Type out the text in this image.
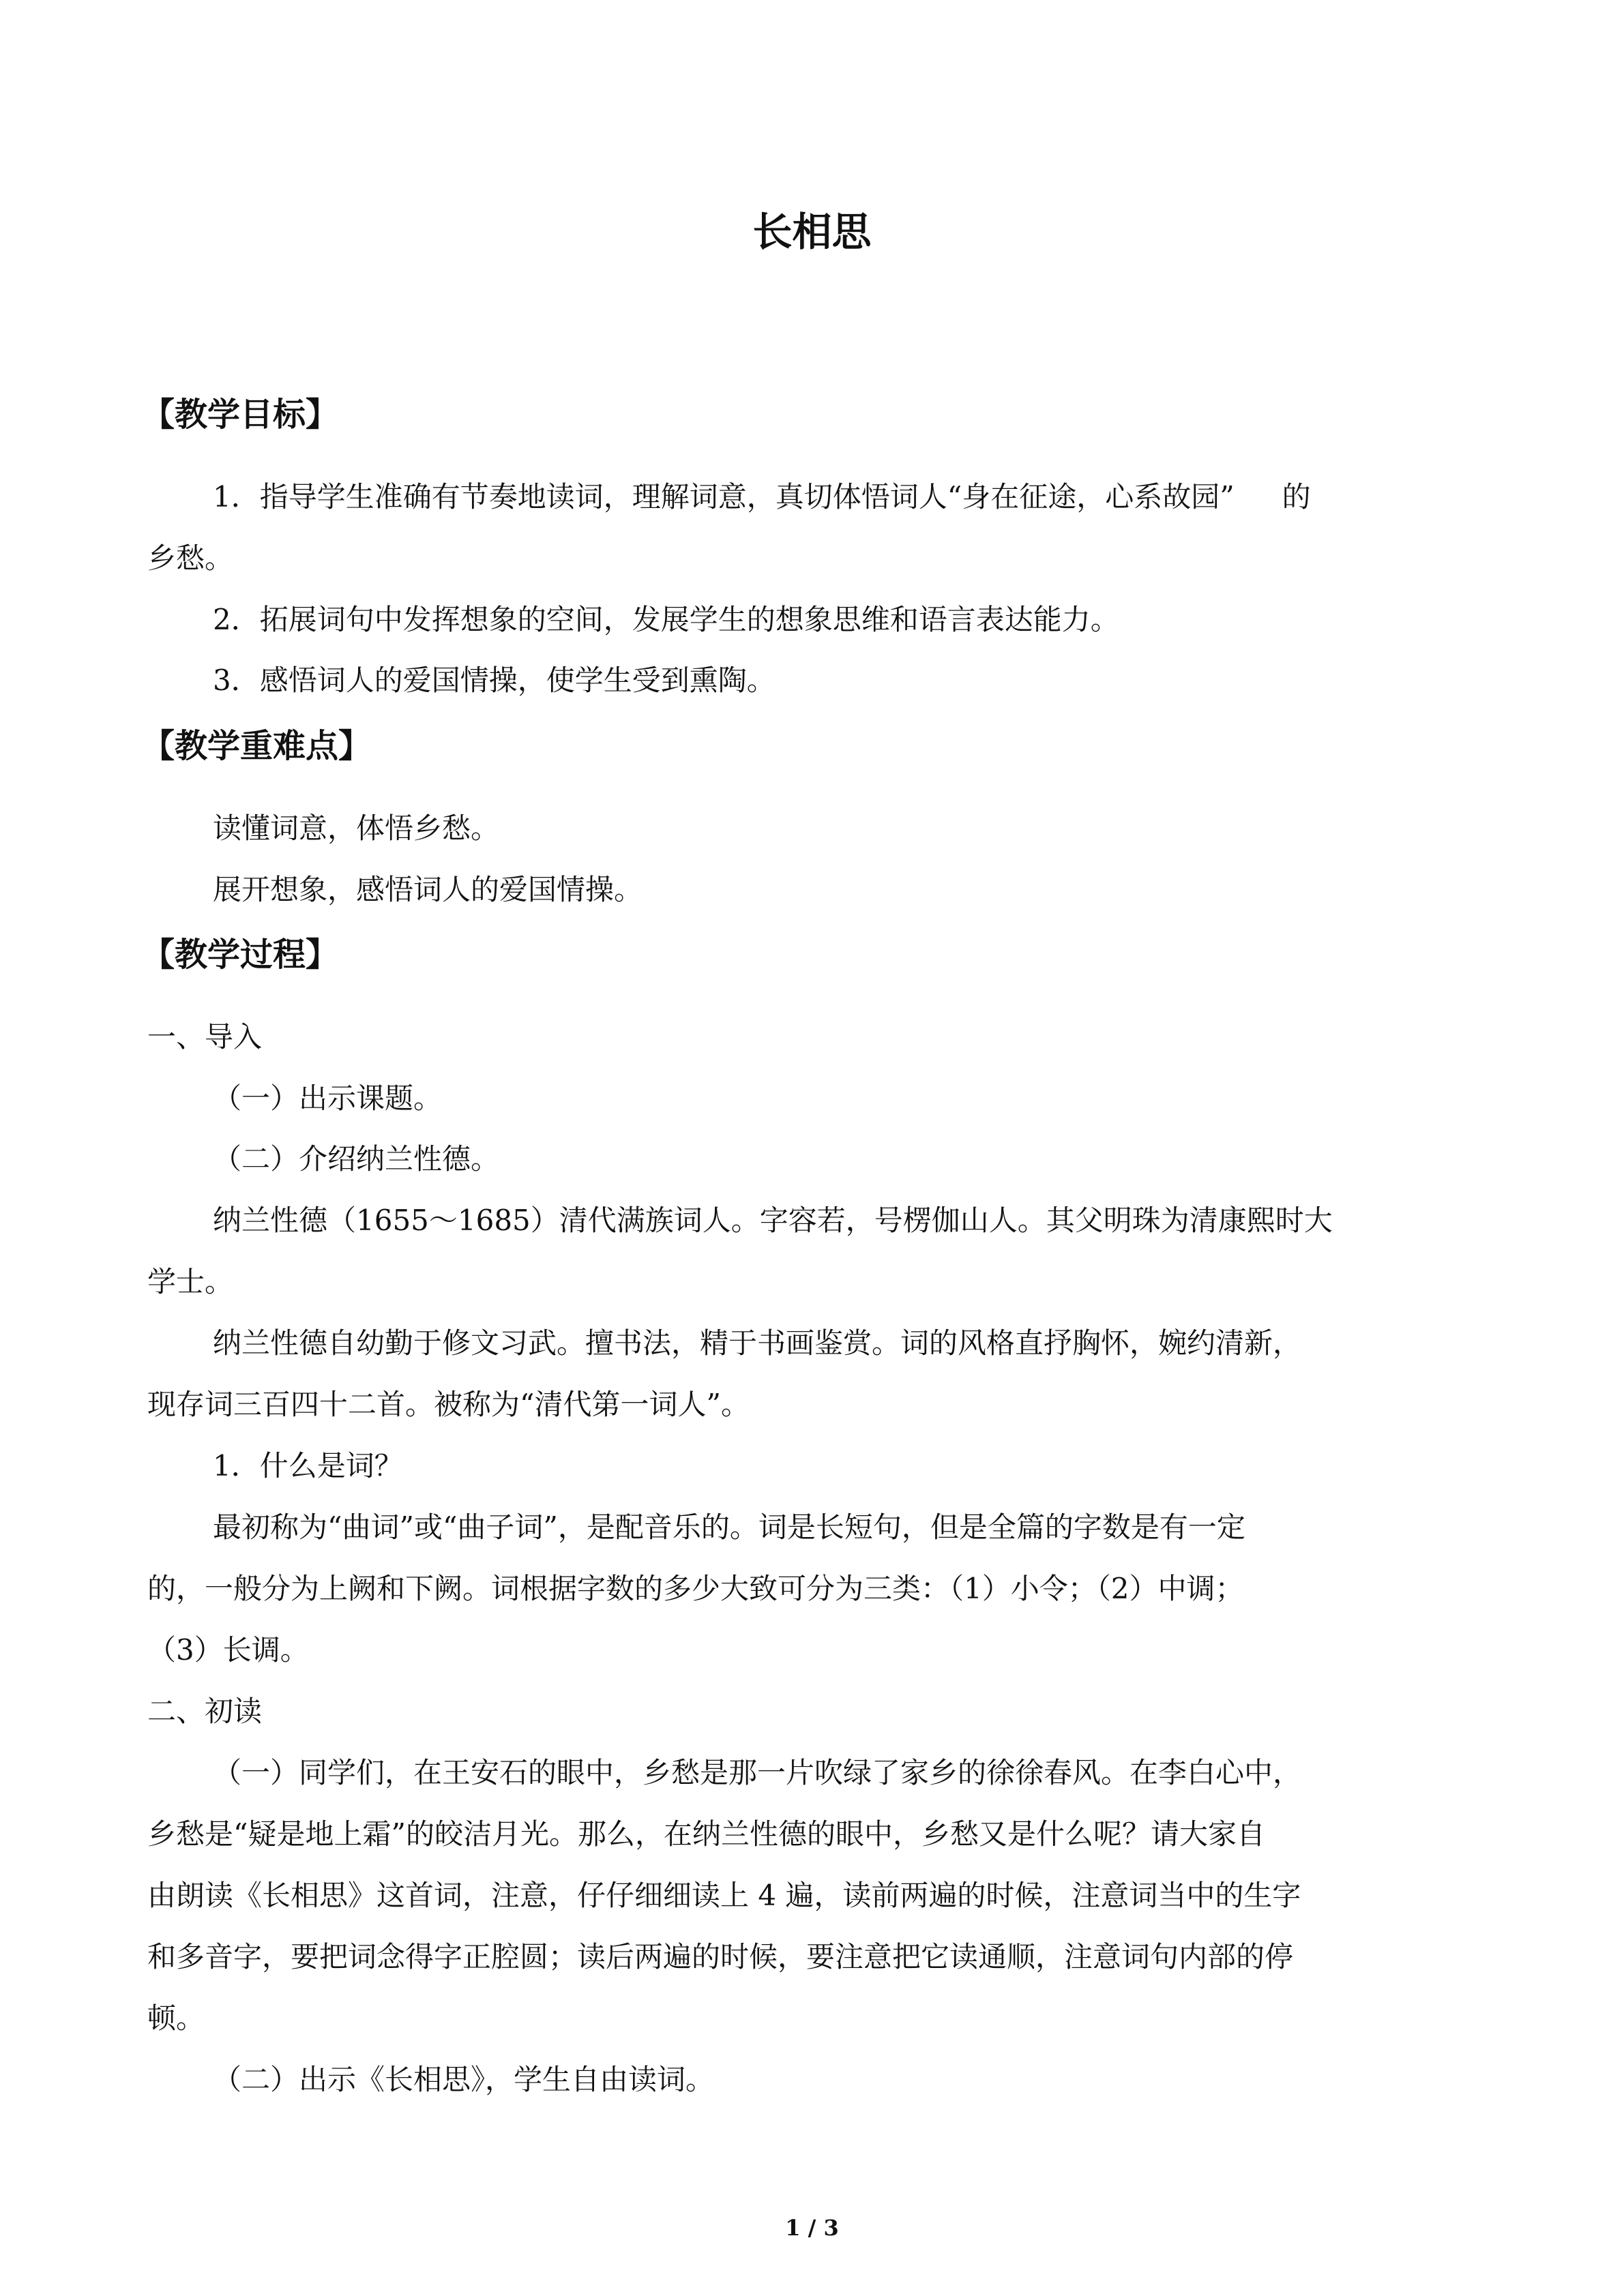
长相思
【教学目标】
1．指导学生准确有节奏地读词，理解词意，真切体悟词人“身在征途，心系故园” 的
乡愁。
2．拓展词句中发挥想象的空间，发展学生的想象思维和语言表达能力。
3．感悟词人的爱国情操，使学生受到熏陶。
【教学重难点】
读懂词意，体悟乡愁。
展开想象，感悟词人的爱国情操。
【教学过程】
一、导入
（一）出示课题。
（二）介绍纳兰性德。
纳兰性德（1655～1685）清代满族词人。字容若，号楞伽山人。其父明珠为清康熙时大
学士。
纳兰性德自幼勤于修文习武。擅书法，精于书画鉴赏。词的风格直抒胸怀，婉约清新，
现存词三百四十二首。被称为“清代第一词人”。
1．什么是词？
最初称为“曲词”或“曲子词”，是配音乐的。词是长短句，但是全篇的字数是有一定
的，一般分为上阙和下阙。词根据字数的多少大致可分为三类：（1）小令；（2）中调；
（3）长调。
二、初读
（一）同学们，在王安石的眼中，乡愁是那一片吹绿了家乡的徐徐春风。在李白心中，
乡愁是“疑是地上霜”的皎洁月光。那么，在纳兰性德的眼中，乡愁又是什么呢？请大家自
由朗读《长相思》这首词，注意，仔仔细细读上 4 遍，读前两遍的时候，注意词当中的生字
和多音字，要把词念得字正腔圆；读后两遍的时候，要注意把它读通顺，注意词句内部的停
顿。
（二）出示《长相思》，学生自由读词。
1 / 3
